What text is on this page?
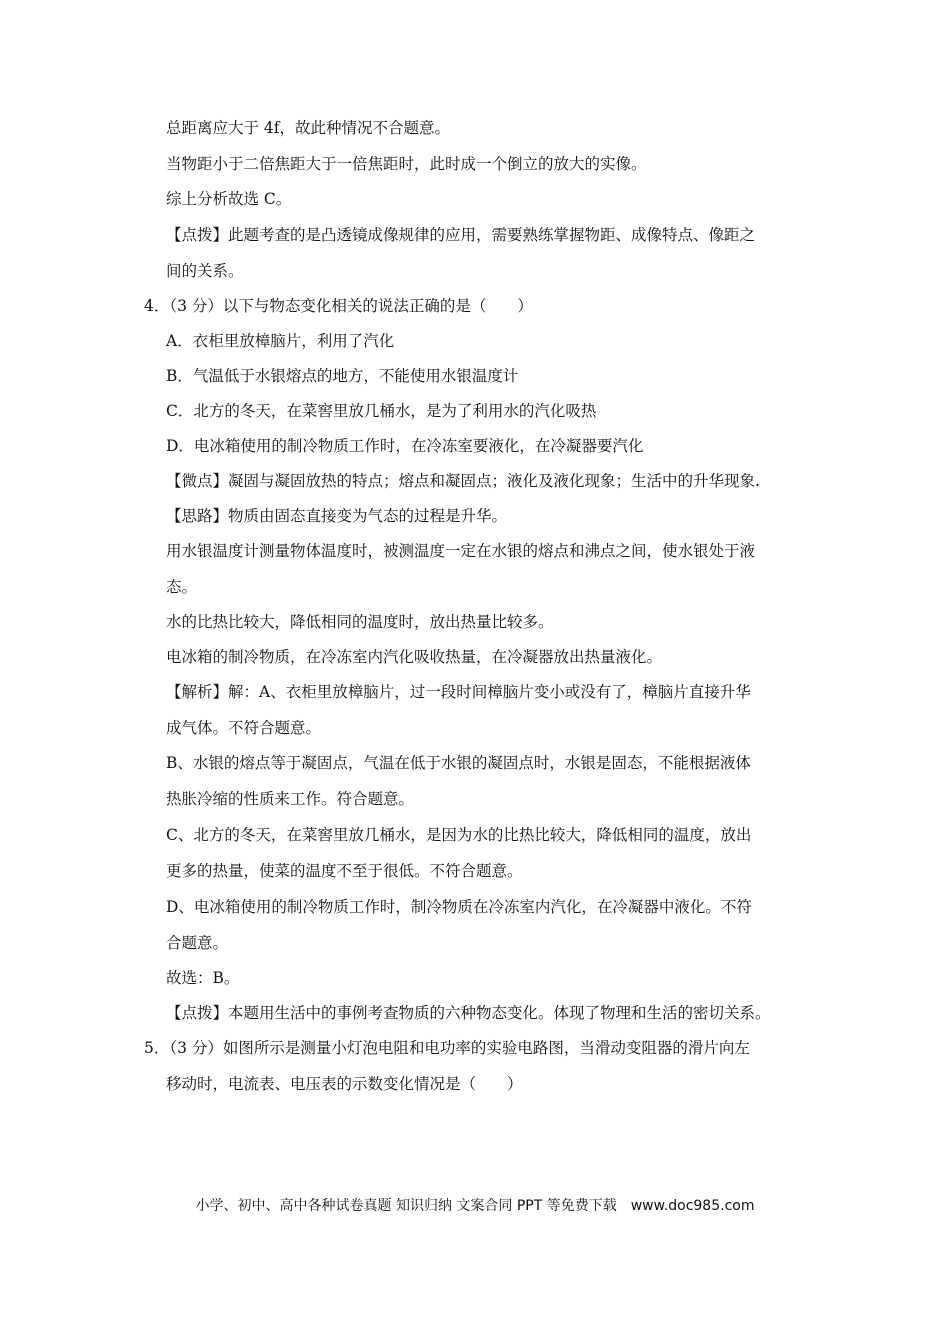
总距离应大于 4f，故此种情况不合题意。

当物距小于二倍焦距大于一倍焦距时，此时成一个倒立的放大的实像。

综上分析故选 C。

【点拨】此题考查的是凸透镜成像规律的应用，需要熟练掌握物距、成像特点、像距之

间的关系。

4．（3 分）以下与物态变化相关的说法正确的是（　　）

A．衣柜里放樟脑片，利用了汽化

B．气温低于水银熔点的地方，不能使用水银温度计

C．北方的冬天，在菜窖里放几桶水，是为了利用水的汽化吸热

D．电冰箱使用的制冷物质工作时，在冷冻室要液化，在冷凝器要汽化

【微点】凝固与凝固放热的特点；熔点和凝固点；液化及液化现象；生活中的升华现象.

【思路】物质由固态直接变为气态的过程是升华。

用水银温度计测量物体温度时，被测温度一定在水银的熔点和沸点之间，使水银处于液

态。

水的比热比较大，降低相同的温度时，放出热量比较多。

电冰箱的制冷物质，在冷冻室内汽化吸收热量，在冷凝器放出热量液化。

【解析】解：A、衣柜里放樟脑片，过一段时间樟脑片变小或没有了，樟脑片直接升华

成气体。不符合题意。

B、水银的熔点等于凝固点，气温在低于水银的凝固点时，水银是固态，不能根据液体

热胀冷缩的性质来工作。符合题意。

C、北方的冬天，在菜窖里放几桶水，是因为水的比热比较大，降低相同的温度，放出

更多的热量，使菜的温度不至于很低。不符合题意。

D、电冰箱使用的制冷物质工作时，制冷物质在冷冻室内汽化，在冷凝器中液化。不符

合题意。

故选：B。

【点拨】本题用生活中的事例考查物质的六种物态变化。体现了物理和生活的密切关系。

5．（3 分）如图所示是测量小灯泡电阻和电功率的实验电路图，当滑动变阻器的滑片向左

移动时，电流表、电压表的示数变化情况是（　　）

小学、初中、高中各种试卷真题 知识归纳 文案合同 PPT 等免费下载　www.doc985.com
